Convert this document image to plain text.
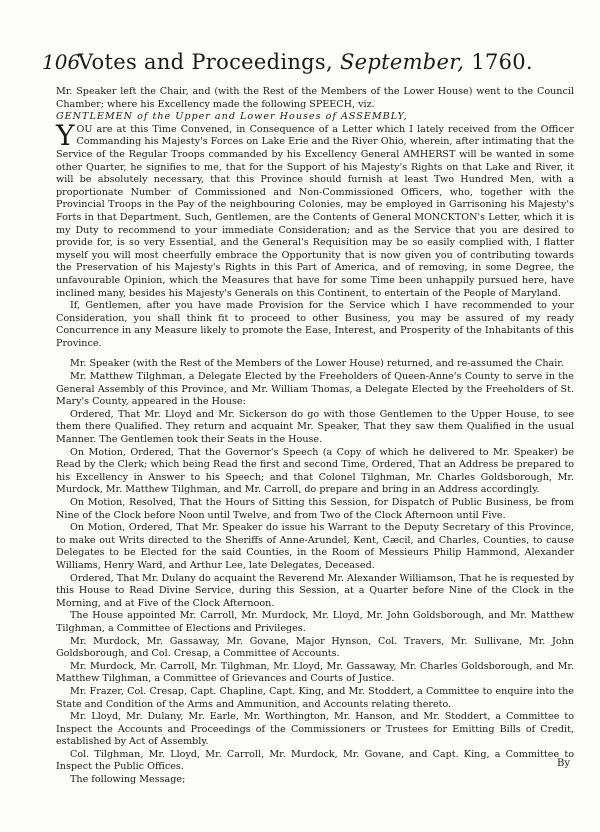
106
Votes and Proceedings, September, 1760.

Mr. Speaker left the Chair, and (with the Rest of the Members of the Lower House) went to the Council Chamber; where his Excellency made the following SPEECH, viz.

GENTLEMEN of the Upper and Lower Houses of ASSEMBLY,

YOU are at this Time Convened, in Consequence of a Letter which I lately received from the Officer Commanding his Majesty's Forces on Lake Erie and the River Ohio, wherein, after intimating that the Service of the Regular Troops commanded by his Excellency General AMHERST will be wanted in some other Quarter, he signifies to me, that for the Support of his Majesty's Rights on that Lake and River, it will be absolutely necessary, that this Province should furnish at least Two Hundred Men, with a proportionate Number of Commissioned and Non-Commissioned Officers, who, together with the Provincial Troops in the Pay of the neighbouring Colonies, may be employed in Garrisoning his Majesty's Forts in that Department. Such, Gentlemen, are the Contents of General MONCKTON's Letter, which it is my Duty to recommend to your immediate Consideration; and as the Service that you are desired to provide for, is so very Essential, and the General's Requisition may be so easily complied with, I flatter myself you will most cheerfully embrace the Opportunity that is now given you of contributing towards the Preservation of his Majesty's Rights in this Part of America, and of removing, in some Degree, the unfavourable Opinion, which the Measures that have for some Time been unhappily pursued here, have inclined many, besides his Majesty's Generals on this Continent, to entertain of the People of Maryland.

If, Gentlemen, after you have made Provision for the Service which I have recommended to your Consideration, you shall think fit to proceed to other Business, you may be assured of my ready Concurrence in any Measure likely to promote the Ease, Interest, and Prosperity of the Inhabitants of this Province.

Mr. Speaker (with the Rest of the Members of the Lower House) returned, and re-assumed the Chair.

Mr. Matthew Tilghman, a Delegate Elected by the Freeholders of Queen-Anne's County to serve in the General Assembly of this Province, and Mr. William Thomas, a Delegate Elected by the Freeholders of St. Mary's County, appeared in the House:

Ordered, That Mr. Lloyd and Mr. Sickerson do go with those Gentlemen to the Upper House, to see them there Qualified. They return and acquaint Mr. Speaker, That they saw them Qualified in the usual Manner. The Gentlemen took their Seats in the House.

On Motion, Ordered, That the Governor's Speech (a Copy of which he delivered to Mr. Speaker) be Read by the Clerk; which being Read the first and second Time, Ordered, That an Address be prepared to his Excellency in Answer to his Speech; and that Colonel Tilghman, Mr. Charles Goldsborough, Mr. Murdock, Mr. Matthew Tilghman, and Mr. Carroll, do prepare and bring in an Address accordingly.

On Motion, Resolved, That the Hours of Sitting this Session, for Dispatch of Public Business, be from Nine of the Clock before Noon until Twelve, and from Two of the Clock Afternoon until Five.

On Motion, Ordered, That Mr. Speaker do issue his Warrant to the Deputy Secretary of this Province, to make out Writs directed to the Sheriffs of Anne-Arundel, Kent, Cæcil, and Charles, Counties, to cause Delegates to be Elected for the said Counties, in the Room of Messieurs Philip Hammond, Alexander Williams, Henry Ward, and Arthur Lee, late Delegates, Deceased.

Ordered, That Mr. Dulany do acquaint the Reverend Mr. Alexander Williamson, That he is requested by this House to Read Divine Service, during this Session, at a Quarter before Nine of the Clock in the Morning, and at Five of the Clock Afternoon.

The House appointed Mr. Carroll, Mr. Murdock, Mr. Lloyd, Mr. John Goldsborough, and Mr. Matthew Tilghman, a Committee of Elections and Privileges.

Mr. Murdock, Mr. Gassaway, Mr. Govane, Major Hynson, Col. Travers, Mr. Sullivane, Mr. John Goldsborough, and Col. Cresap, a Committee of Accounts.

Mr. Murdock, Mr. Carroll, Mr. Tilghman, Mr. Lloyd, Mr. Gassaway, Mr. Charles Goldsborough, and Mr. Matthew Tilghman, a Committee of Grievances and Courts of Justice.

Mr. Frazer, Col. Cresap, Capt. Chapline, Capt. King, and Mr. Stoddert, a Committee to enquire into the State and Condition of the Arms and Ammunition, and Accounts relating thereto.

Mr. Lloyd, Mr. Dulany, Mr. Earle, Mr. Worthington, Mr. Hanson, and Mr. Stoddert, a Committee to Inspect the Accounts and Proceedings of the Commissioners or Trustees for Emitting Bills of Credit, established by Act of Assembly.

Col. Tilghman, Mr. Lloyd, Mr. Carroll, Mr. Murdock, Mr. Govane, and Capt. King, a Committee to Inspect the Public Offices.

The following Message;

By
